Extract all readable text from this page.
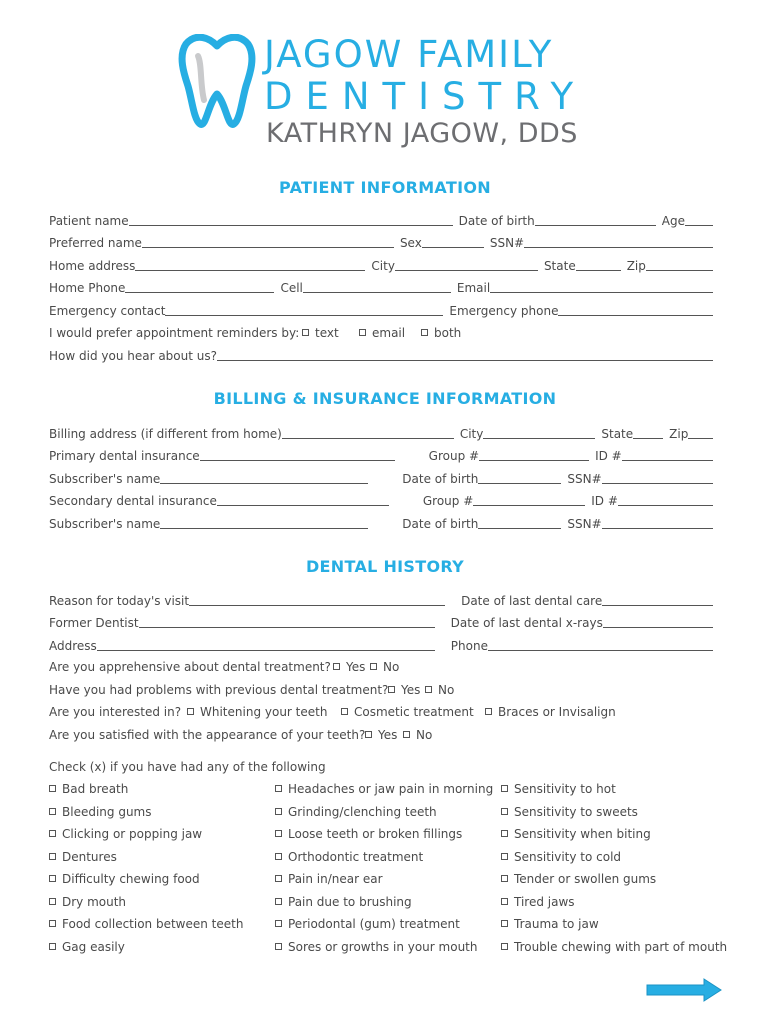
JAGOW FAMILY
DENTISTRY
KATHRYN JAGOW, DDS
PATIENT INFORMATION
Patient name	Date of birth	Age
Preferred name	Sex	SSN#
Home address	City	State	Zip
Home Phone	Cell	Email
Emergency contact	Emergency phone
I would prefer appointment reminders by:	text	email	both
How did you hear about us?
BILLING & INSURANCE INFORMATION
Billing address (if different from home)	City	State	Zip
Primary dental insurance	Group #	ID #
Subscriber's name	Date of birth	SSN#
Secondary dental insurance	Group #	ID #
Subscriber's name	Date of birth	SSN#
DENTAL HISTORY
Reason for today's visit	Date of last dental care
Former Dentist	Date of last dental x-rays
Address	Phone
Are you apprehensive about dental treatment?	Yes	No
Have you had problems with previous dental treatment?	Yes	No
Are you interested in?	Whitening your teeth	Cosmetic treatment	Braces or Invisalign
Are you satisfied with the appearance of your teeth?	Yes	No
Check (x) if you have had any of the following
Bad breath	Headaches or jaw pain in morning	Sensitivity to hot
Bleeding gums	Grinding/clenching teeth	Sensitivity to sweets
Clicking or popping jaw	Loose teeth or broken fillings	Sensitivity when biting
Dentures	Orthodontic treatment	Sensitivity to cold
Difficulty chewing food	Pain in/near ear	Tender or swollen gums
Dry mouth	Pain due to brushing	Tired jaws
Food collection between teeth	Periodontal (gum) treatment	Trauma to jaw
Gag easily	Sores or growths in your mouth	Trouble chewing with part of mouth
